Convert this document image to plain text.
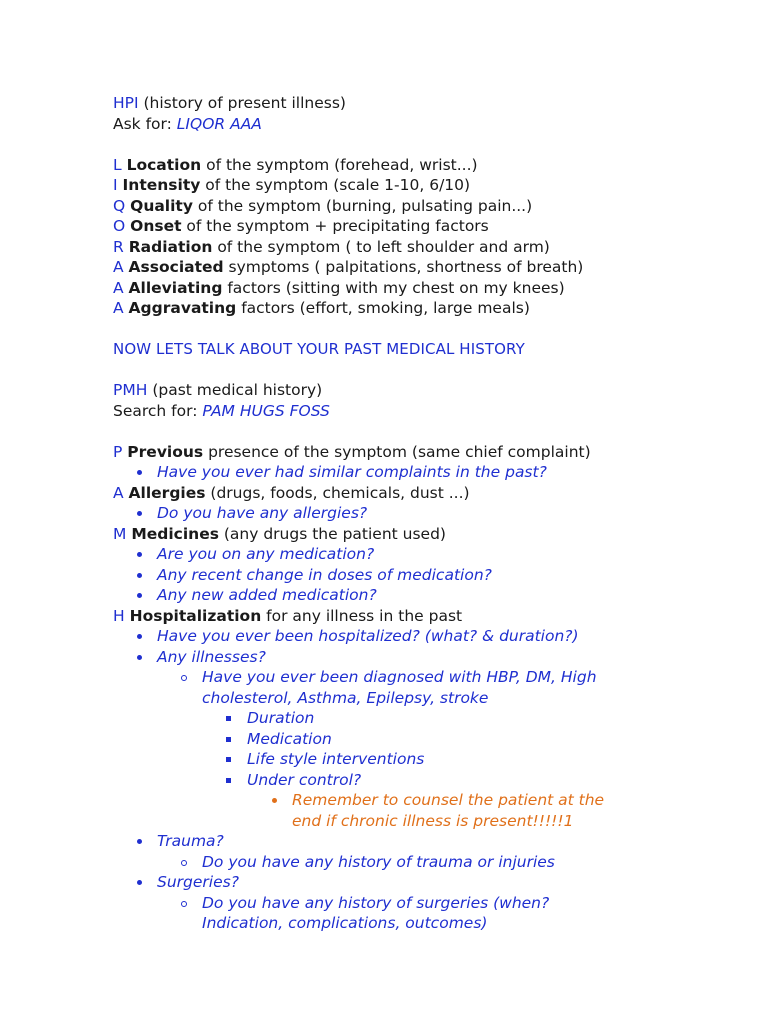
HPI (history of present illness)
Ask for: LIQOR AAA
L Location of the symptom (forehead, wrist...)
I Intensity of the symptom (scale 1-10, 6/10)
Q Quality of the symptom (burning, pulsating pain...)
O Onset of the symptom + precipitating factors
R Radiation of the symptom ( to left shoulder and arm)
A Associated symptoms ( palpitations, shortness of breath)
A Alleviating factors (sitting with my chest on my knees)
A Aggravating factors (effort, smoking, large meals)
NOW LETS TALK ABOUT YOUR PAST MEDICAL HISTORY
PMH (past medical history)
Search for: PAM HUGS FOSS
P Previous presence of the symptom (same chief complaint)
Have you ever had similar complaints in the past?
A Allergies (drugs, foods, chemicals, dust ...)
Do you have any allergies?
M Medicines (any drugs the patient used)
Are you on any medication?
Any recent change in doses of medication?
Any new added medication?
H Hospitalization for any illness in the past
Have you ever been hospitalized? (what? & duration?)
Any illnesses?
Have you ever been diagnosed with HBP, DM, High
cholesterol, Asthma, Epilepsy, stroke
Duration
Medication
Life style interventions
Under control?
Remember to counsel the patient at the
end if chronic illness is present!!!!!1
Trauma?
Do you have any history of trauma or injuries
Surgeries?
Do you have any history of surgeries (when?
Indication, complications, outcomes)
